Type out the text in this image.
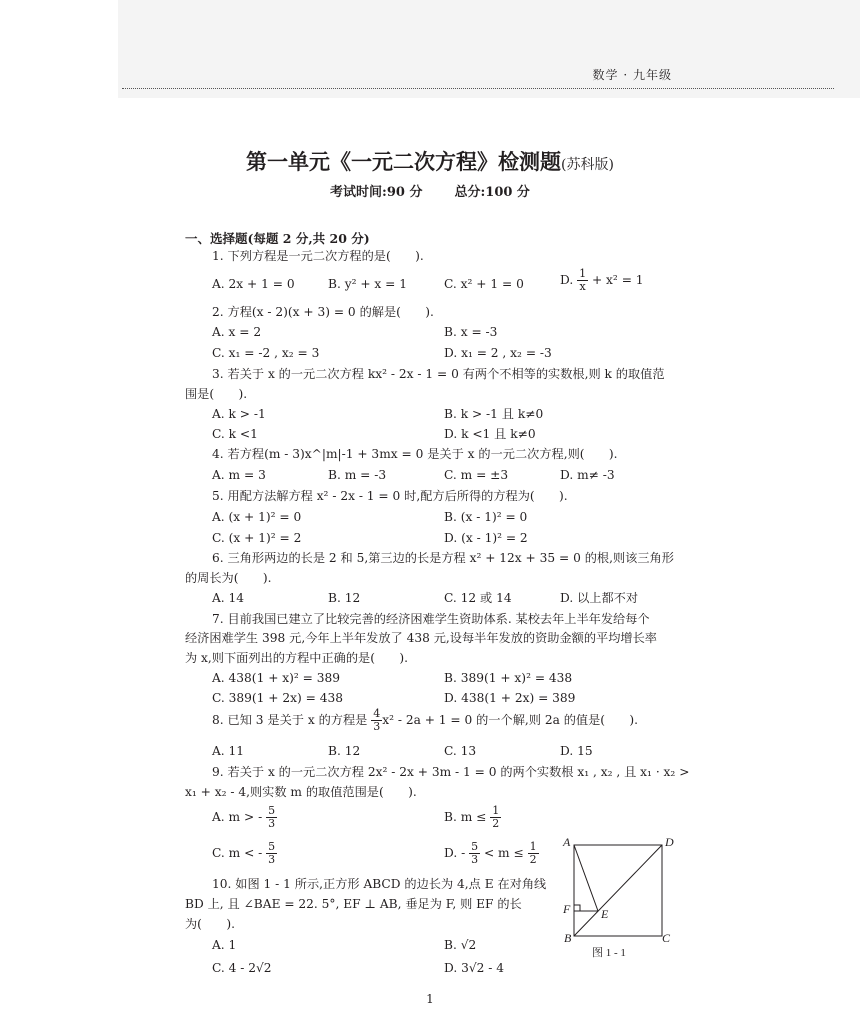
数学 · 九年级
第一单元《一元二次方程》检测题(苏科版)
考试时间:90 分 总分:100 分
一、选择题(每题 2 分,共 20 分)
1. 下列方程是一元二次方程的是(　　).
A. 2x + 1 = 0	B. y² + x = 1	C. x² + 1 = 0	D. $\frac{1}{x} + x^2 = 1$
2. 方程(x - 2)(x + 3) = 0 的解是(　　).
A. x = 2	B. x = -3
C. x₁ = -2 , x₂ = 3	D. x₁ = 2 , x₂ = -3
3. 若关于 x 的一元二次方程 kx² - 2x - 1 = 0 有两个不相等的实数根,则 k 的取值范
围是(　　).
A. k > -1	B. k > -1 且 k≠0
C. k <1	D. k <1 且 k≠0
4. 若方程(m - 3)x^|m|-1 + 3mx = 0 是关于 x 的一元二次方程,则(　　).
A. m = 3	B. m = -3	C. m = ±3	D. m≠ -3
5. 用配方法解方程 x² - 2x - 1 = 0 时,配方后所得的方程为(　　).
A. (x + 1)² = 0	B. (x - 1)² = 0
C. (x + 1)² = 2	D. (x - 1)² = 2
6. 三角形两边的长是 2 和 5,第三边的长是方程 x² + 12x + 35 = 0 的根,则该三角形
的周长为(　　).
A. 14	B. 12	C. 12 或 14	D. 以上都不对
7. 目前我国已建立了比较完善的经济困难学生资助体系. 某校去年上半年发给每个
经济困难学生 398 元,今年上半年发放了 438 元,设每半年发放的资助金额的平均增长率
为 x,则下面列出的方程中正确的是(　　).
A. 438(1 + x)² = 389	B. 389(1 + x)² = 438
C. 389(1 + 2x) = 438	D. 438(1 + 2x) = 389
8. 已知 3 是关于 x 的方程是 $\frac{4}{3} x^2 - 2a + 1 = 0$ 的一个解,则 2a 的值是(　　).
A. 11	B. 12	C. 13	D. 15
9. 若关于 x 的一元二次方程 2x² - 2x + 3m - 1 = 0 的两个实数根 x₁ , x₂ , 且 x₁ · x₂ >
x₁ + x₂ - 4,则实数 m 的取值范围是(　　).
A. m > - $\frac{5}{3}$	B. $m \le \frac{1}{2}$
C. m < - $\frac{5}{3}$	D. - $\frac{5}{3} < m \le \frac{1}{2}$
10. 如图 1 - 1 所示,正方形 ABCD 的边长为 4,点 E 在对角线
BD 上, 且 ∠BAE = 22. 5°, EF ⊥ AB, 垂足为 F, 则 EF 的长
为(　　).
A. 1	B. √2
C. 4 - 2√2	D. 3√2 - 4
A	D
F	E
B	C
图 1 - 1
1
